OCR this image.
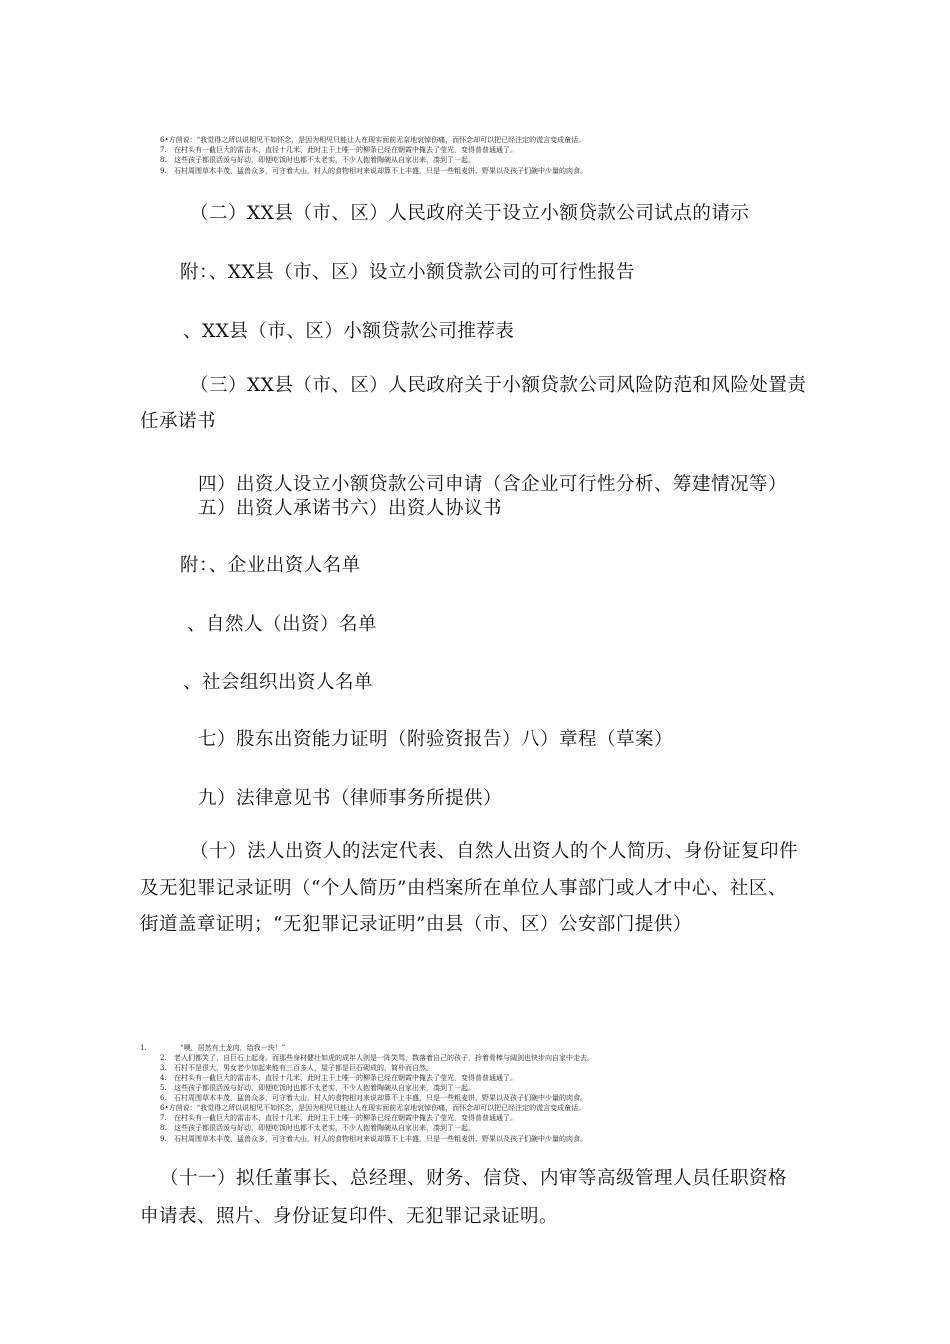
6•方茴说：“我觉得之所以说相见不如怀念，是因为相见只能让人在现实面前无奈地哀悼伤痛，而怀念却可以把已经注定的谎言变成童话。
7. 在村头有一截巨大的雷击木，直径十几米，此时主干上唯一的柳条已经在朝霞中掩去了莹光，变得普普通通了。
8. 这些孩子都很活泼与好动，即便吃饭时也都不太老实，不少人抱着陶碗从自家出来，凑到了一起。
9. 石村周围草木丰茂，猛兽众多，可守着大山，村人的食物相对来说却算不上丰盛，只是一些粗麦饼、野果以及孩子们碗中少量的肉食。
（二）XX县（市、区）人民政府关于设立小额贷款公司试点的请示
附：、XX县（市、区）设立小额贷款公司的可行性报告
、XX县（市、区）小额贷款公司推荐表
（三）XX县（市、区）人民政府关于小额贷款公司风险防范和风险处置责
任承诺书
四）出资人设立小额贷款公司申请（含企业可行性分析、筹建情况等）
五）出资人承诺书六）出资人协议书
附：、企业出资人名单
、自然人（出资）名单
、社会组织出资人名单
七）股东出资能力证明（附验资报告）八）章程（草案）
九）法律意见书（律师事务所提供）
（十）法人出资人的法定代表、自然人出资人的个人简历、身份证复印件
及无犯罪记录证明（“个人简历”由档案所在单位人事部门或人才中心、社区、
街道盖章证明；“无犯罪记录证明”由县（市、区）公安部门提供）
1.	“噢，居然有土龙肉，给我一块！”
2. 老人们都笑了，自巨石上起身。而那些身材健壮如虎的成年人则是一阵笑骂，数落着自己的孩子，拎着骨棒与阔剑也快步向自家中走去。
3. 石村不是很大，男女老少加起来能有三百多人，屋子都是巨石砌成的，简朴而自然。
4. 在村头有一截巨大的雷击木，直径十几米，此时主干上唯一的柳条已经在朝霞中掩去了莹光，变得普普通通了。
5. 这些孩子都很活泼与好动，即便吃饭时也都不太老实，不少人抱着陶碗从自家出来，凑到了一起。
6. 石村周围草木丰茂，猛兽众多，可守着大山，村人的食物相对来说却算不上丰盛，只是一些粗麦饼、野果以及孩子们碗中少量的肉食。
6•方茴说：“我觉得之所以说相见不如怀念，是因为相见只能让人在现实面前无奈地哀悼伤痛，而怀念却可以把已经注定的谎言变成童话。
7. 在村头有一截巨大的雷击木，直径十几米，此时主干上唯一的柳条已经在朝霞中掩去了莹光，变得普普通通了。
8. 这些孩子都很活泼与好动，即便吃饭时也都不太老实，不少人抱着陶碗从自家出来，凑到了一起。
9. 石村周围草木丰茂，猛兽众多，可守着大山，村人的食物相对来说却算不上丰盛，只是一些粗麦饼、野果以及孩子们碗中少量的肉食。
（十一）拟任董事长、总经理、财务、信贷、内审等高级管理人员任职资格
申请表、照片、身份证复印件、无犯罪记录证明。
